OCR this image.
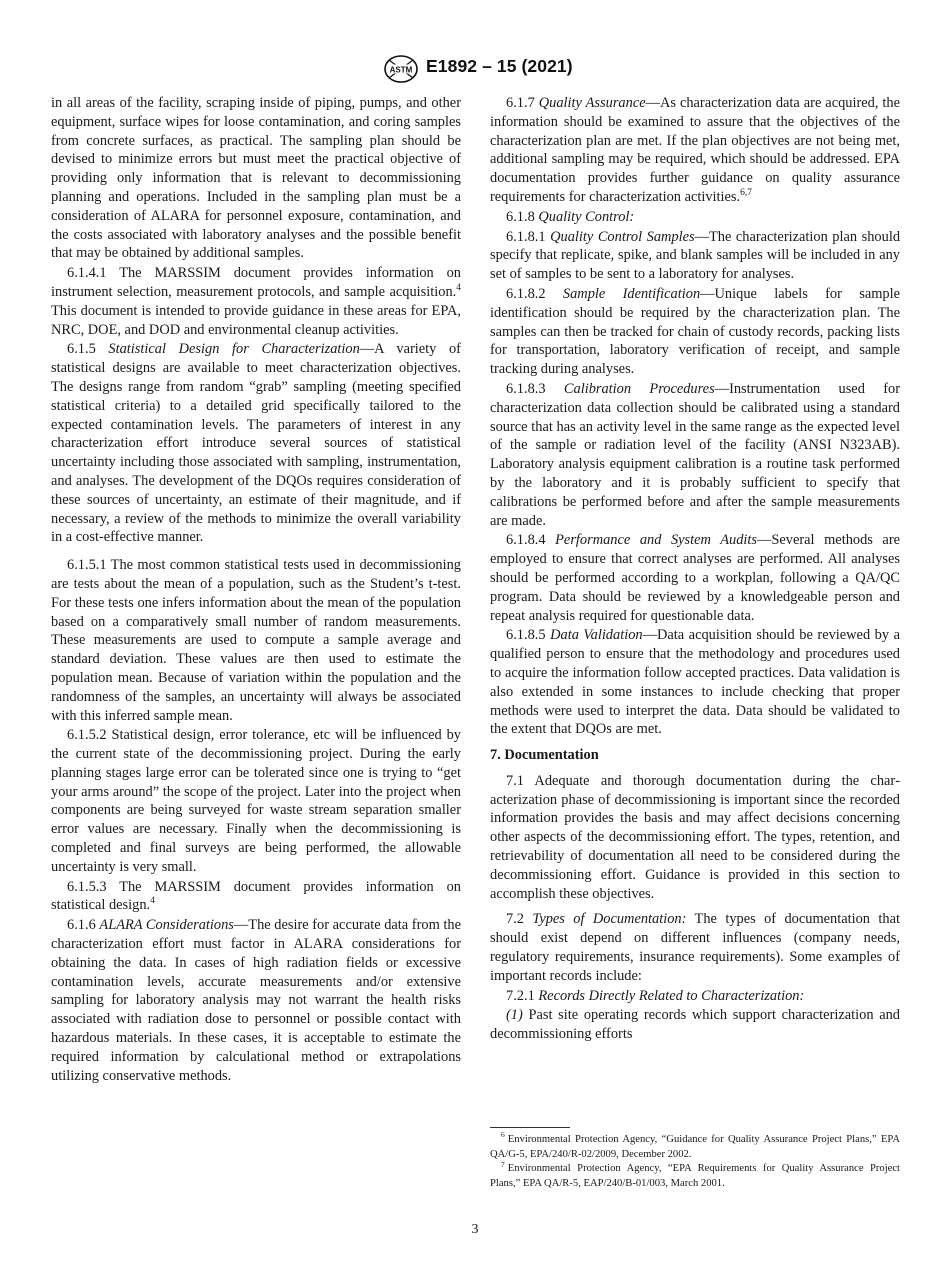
ASTM E1892 – 15 (2021)

in all areas of the facility, scraping inside of piping, pumps, and other equipment, surface wipes for loose contamination, and coring samples from concrete surfaces, as practical. The sampling plan should be devised to minimize errors but must meet the practical objective of providing only information that is relevant to decommissioning planning and operations. Included in the sampling plan must be a consideration of ALARA for personnel exposure, contamination, and the costs associated with laboratory analyses and the possible benefit that may be obtained by additional samples.

6.1.4.1 The MARSSIM document provides information on instrument selection, measurement protocols, and sample acquisition.$^4$ This document is intended to provide guidance in these areas for EPA, NRC, DOE, and DOD and environmental cleanup activities.

6.1.5 Statistical Design for Characterization—A variety of statistical designs are available to meet characterization objectives. The designs range from random “grab” sampling (meeting specified statistical criteria) to a detailed grid specifically tailored to the expected contamination levels. The parameters of interest in any characterization effort introduce several sources of statistical uncertainty including those associated with sampling, instrumentation, and analyses. The development of the DQOs requires consideration of these sources of uncertainty, an estimate of their magnitude, and if necessary, a review of the methods to minimize the overall variability in a cost-effective manner.

6.1.5.1 The most common statistical tests used in decommissioning are tests about the mean of a population, such as the Student’s t-test. For these tests one infers information about the mean of the population based on a comparatively small number of random measurements. These measurements are used to compute a sample average and standard deviation. These values are then used to estimate the population mean. Because of variation within the population and the randomness of the samples, an uncertainty will always be associated with this inferred sample mean.

6.1.5.2 Statistical design, error tolerance, etc will be influenced by the current state of the decommissioning project. During the early planning stages large error can be tolerated since one is trying to “get your arms around” the scope of the project. Later into the project when components are being surveyed for waste stream separation smaller error values are necessary. Finally when the decommissioning is completed and final surveys are being performed, the allowable uncertainty is very small.

6.1.5.3 The MARSSIM document provides information on statistical design.$^4$

6.1.6 ALARA Considerations—The desire for accurate data from the characterization effort must factor in ALARA considerations for obtaining the data. In cases of high radiation fields or excessive contamination levels, accurate measurements and/or extensive sampling for laboratory analysis may not warrant the health risks associated with radiation dose to personnel or possible contact with hazardous materials. In these cases, it is acceptable to estimate the required information by calculational method or extrapolations utilizing conservative methods.

6.1.7 Quality Assurance—As characterization data are acquired, the information should be examined to assure that the objectives of the characterization plan are met. If the plan objectives are not being met, additional sampling may be required, which should be addressed. EPA documentation provides further guidance on quality assurance requirements for characterization activities.$^{6,7}$

6.1.8 Quality Control:

6.1.8.1 Quality Control Samples—The characterization plan should specify that replicate, spike, and blank samples will be included in any set of samples to be sent to a laboratory for analyses.

6.1.8.2 Sample Identification—Unique labels for sample identification should be required by the characterization plan. The samples can then be tracked for chain of custody records, packing lists for transportation, laboratory verification of receipt, and sample tracking during analyses.

6.1.8.3 Calibration Procedures—Instrumentation used for characterization data collection should be calibrated using a standard source that has an activity level in the same range as the expected level of the sample or radiation level of the facility (ANSI N323AB). Laboratory analysis equipment calibration is a routine task performed by the laboratory and it is probably sufficient to specify that calibrations be performed before and after the sample measurements are made.

6.1.8.4 Performance and System Audits—Several methods are employed to ensure that correct analyses are performed. All analyses should be performed according to a workplan, following a QA/QC program. Data should be reviewed by a knowledgeable person and repeat analysis required for questionable data.

6.1.8.5 Data Validation—Data acquisition should be reviewed by a qualified person to ensure that the methodology and procedures used to acquire the information follow accepted practices. Data validation is also extended in some instances to include checking that proper methods were used to interpret the data. Data should be validated to the extent that DQOs are met.

7. Documentation

7.1 Adequate and thorough documentation during the characterization phase of decommissioning is important since the recorded information provides the basis and may affect decisions concerning other aspects of the decommissioning effort. The types, retention, and retrievability of documentation all need to be considered during the decommissioning effort. Guidance is provided in this section to accomplish these objectives.

7.2 Types of Documentation: The types of documentation that should exist depend on different influences (company needs, regulatory requirements, insurance requirements). Some examples of important records include:

7.2.1 Records Directly Related to Characterization:

(1) Past site operating records which support characterization and decommissioning efforts

$^6$ Environmental Protection Agency, “Guidance for Quality Assurance Project Plans,” EPA QA/G-5, EPA/240/R-02/2009, December 2002.

$^7$ Environmental Protection Agency, “EPA Requirements for Quality Assurance Project Plans,” EPA QA/R-5, EAP/240/B-01/003, March 2001.

3
